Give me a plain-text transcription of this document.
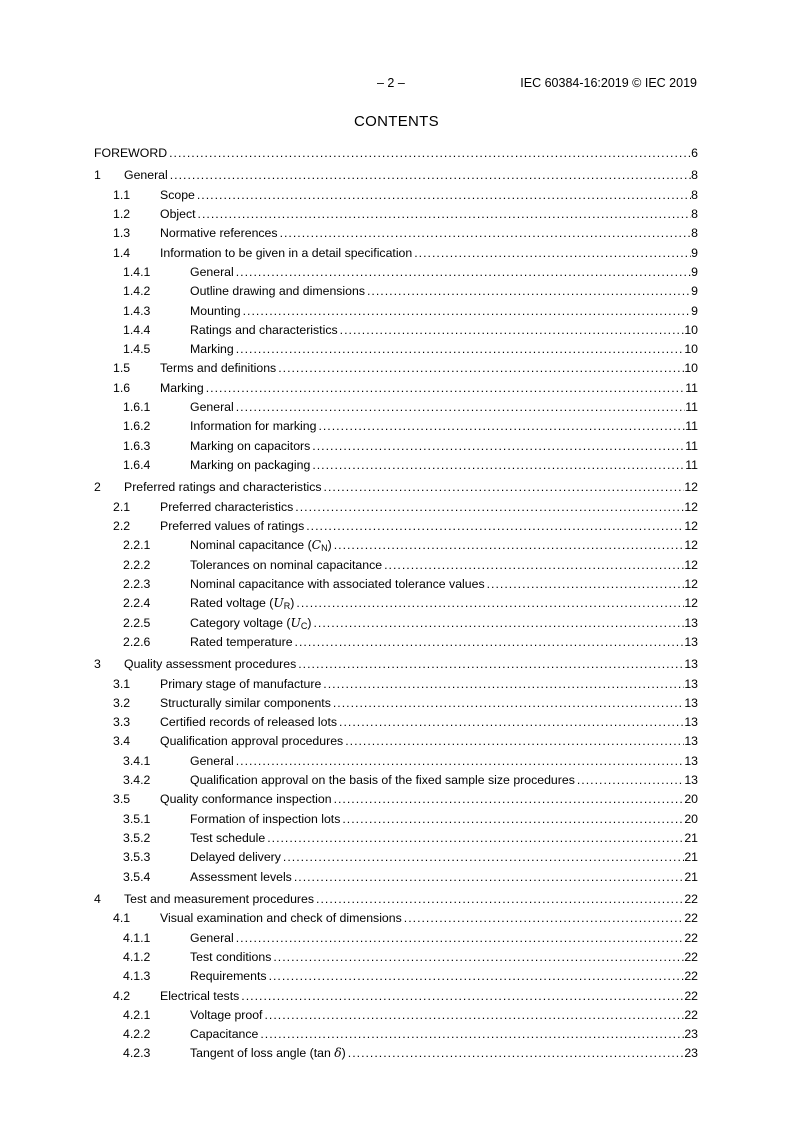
– 2 –	IEC 60384-16:2019 © IEC 2019
CONTENTS
FOREWORD . . .	6
1 General . . .	8
1.1 Scope . . .	8
1.2 Object . . .	8
1.3 Normative references . . .	8
1.4 Information to be given in a detail specification . . .	9
1.4.1	General . . .	9
1.4.2	Outline drawing and dimensions . . .	9
1.4.3	Mounting . . .	9
1.4.4	Ratings and characteristics . . .	10
1.4.5	Marking . . .	10
1.5 Terms and definitions . . .	10
1.6 Marking . . .	11
1.6.1	General . . .	11
1.6.2	Information for marking . . .	11
1.6.3	Marking on capacitors . . .	11
1.6.4	Marking on packaging . . .	11
2 Preferred ratings and characteristics . . .	12
2.1 Preferred characteristics . . .	12
2.2 Preferred values of ratings . . .	12
2.2.1	Nominal capacitance $(C_N)$ . . .	12
2.2.2	Tolerances on nominal capacitance . . .	12
2.2.3	Nominal capacitance with associated tolerance values . . .	12
2.2.4	Rated voltage $(U_R)$ . . .	12
2.2.5	Category voltage $(U_C)$ . . .	13
2.2.6	Rated temperature . . .	13
3 Quality assessment procedures . . .	13
3.1 Primary stage of manufacture . . .	13
3.2 Structurally similar components . . .	13
3.3 Certified records of released lots . . .	13
3.4 Qualification approval procedures . . .	13
3.4.1	General . . .	13
3.4.2	Qualification approval on the basis of the fixed sample size procedures . . .	13
3.5 Quality conformance inspection . . .	20
3.5.1	Formation of inspection lots . . .	20
3.5.2	Test schedule . . .	21
3.5.3	Delayed delivery . . .	21
3.5.4	Assessment levels . . .	21
4 Test and measurement procedures . . .	22
4.1 Visual examination and check of dimensions . . .	22
4.1.1	General . . .	22
4.1.2	Test conditions . . .	22
4.1.3	Requirements . . .	22
4.2 Electrical tests . . .	22
4.2.1	Voltage proof . . .	22
4.2.2	Capacitance . . .	23
4.2.3	Tangent of loss angle (tan δ) . . .	23
